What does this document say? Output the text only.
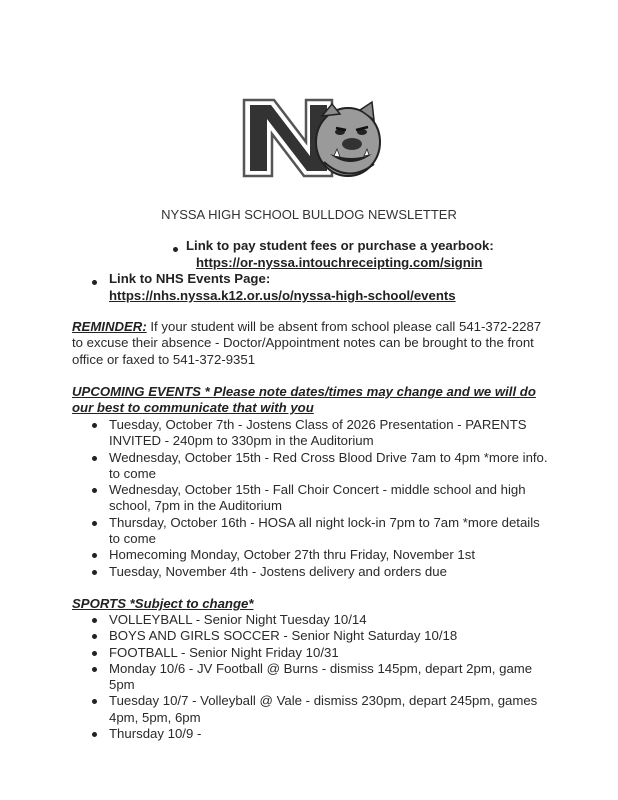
NYSSA HIGH SCHOOL BULLDOG NEWSLETTER
Link to pay student fees or purchase a yearbook:
https://or-nyssa.intouchreceipting.com/signin
Link to NHS Events Page:
https://nhs.nyssa.k12.or.us/o/nyssa-high-school/events
REMINDER: If your student will be absent from school please call 541-372-2287 to excuse their absence - Doctor/Appointment notes can be brought to the front office or faxed to 541-372-9351
UPCOMING EVENTS * Please note dates/times may change and we will do our best to communicate that with you
Tuesday, October 7th - Jostens Class of 2026 Presentation - PARENTS INVITED - 240pm to 330pm in the Auditorium
Wednesday, October 15th - Red Cross Blood Drive 7am to 4pm *more info. to come
Wednesday, October 15th - Fall Choir Concert - middle school and high school, 7pm in the Auditorium
Thursday, October 16th - HOSA all night lock-in 7pm to 7am *more details to come
Homecoming Monday, October 27th thru Friday, November 1st
Tuesday, November 4th - Jostens delivery and orders due
SPORTS *Subject to change*
VOLLEYBALL - Senior Night Tuesday 10/14
BOYS AND GIRLS SOCCER - Senior Night Saturday 10/18
FOOTBALL - Senior Night Friday 10/31
Monday 10/6 - JV Football @ Burns - dismiss 145pm, depart 2pm, game 5pm
Tuesday 10/7 - Volleyball @ Vale - dismiss 230pm, depart 245pm, games 4pm, 5pm, 6pm
Thursday 10/9 -
